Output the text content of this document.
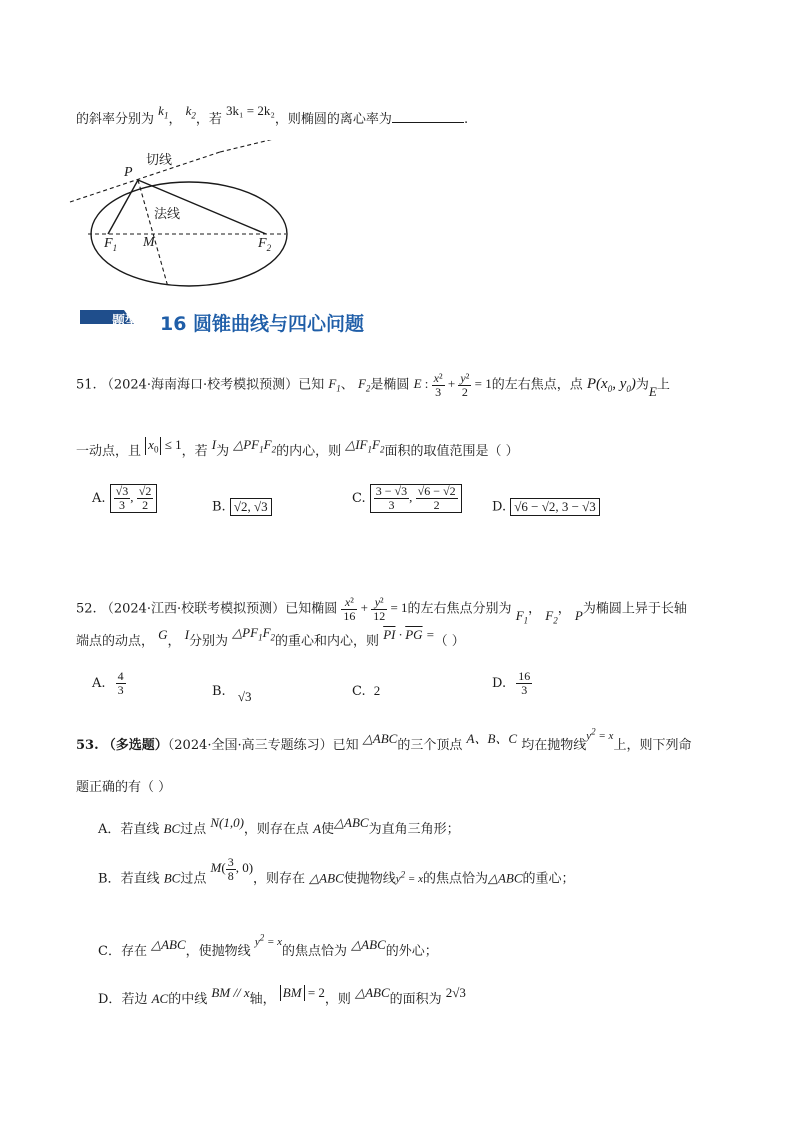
的斜率分别为 $k_1$， $k_2$，若 3k₁ = 2k₂，则椭圆的离心率为	.
P
切线
法线
$F_1$ M	$F_2$
题型 16 圆锥曲线与四心问题
51. （2024·海南海口·校考模拟预测）已知 $F_1$、 $F_2$是椭圆 E : $\frac{\text{x²}}{3} + \frac{\text{y²}}{2} = 1$的左右焦点，点 $P(x_0$, $y_0$)为E上
一动点，且 $x_0 \le 1$，若 I为 $\triangle PF_1F_2$的内心，则 $\triangle IF_1F_2$面积的取值范围是（ ）
A. $\frac{√3}{3}$ , $\frac{√2}{2}$	B. √2, √3
C. $\frac{3 - √3}{3}$ , $\frac{√6 - √2}{2}$	D. √6 − √2, 3 − √3
52. （2024·江西·校联考模拟预测）已知椭圆 $\frac{\text{x²}}{16} + \frac{\text{y²}}{12} = 1$的左右焦点分别为 $F_1$， $F_2$， P为椭圆上异于长轴
端点的动点， G， I分别为 $\triangle PF_1F_2$的重心和内心，则 $\overline{PI} \cdot \overline{PG}$ =（ ）
A. $\frac{4}{3}$	B. √3	C. 2	D. $\frac{16}{3}$
53. （多选题）（2024·全国·高三专题练习）已知 △ABC的三个顶点 A、B、C 均在抛物线$^{y^2 = x}$上，则下列命
题正确的有（ ）
A．若直线 BC过点 N(1,0)，则存在点 A使△ABC为直角三角形；
B．若直线 BC过点 $M( \frac{3}{8}$ , 0)，则存在 △ABC使抛物线$y^2 = x$的焦点恰为△ABC的重心；
C．存在 △ABC，使抛物线 $^{y^2 = x}$的焦点恰为 △ABC的外心；
D．若边 AC的中线 BM // x轴， BM = 2，则 △ABC的面积为 2√3
